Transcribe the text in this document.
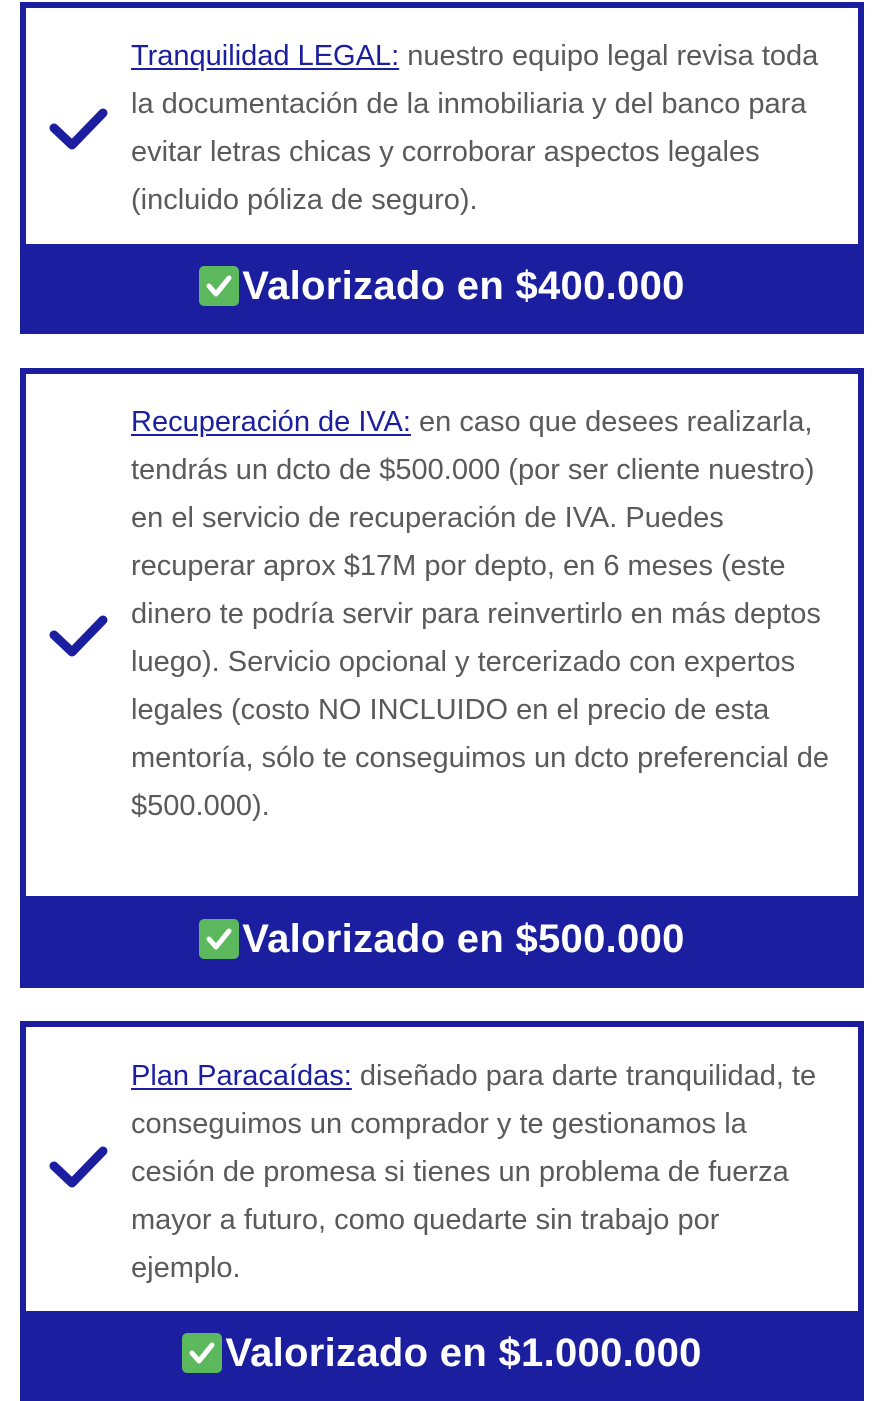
Tranquilidad LEGAL: nuestro equipo legal revisa toda la documentación de la inmobiliaria y del banco para evitar letras chicas y corroborar aspectos legales (incluido póliza de seguro).

Valorizado en $400.000

Recuperación de IVA: en caso que desees realizarla, tendrás un dcto de $500.000 (por ser cliente nuestro) en el servicio de recuperación de IVA. Puedes recuperar aprox $17M por depto, en 6 meses (este dinero te podría servir para reinvertirlo en más deptos luego). Servicio opcional y tercerizado con expertos legales (costo NO INCLUIDO en el precio de esta mentoría, sólo te conseguimos un dcto preferencial de $500.000).

Valorizado en $500.000

Plan Paracaídas: diseñado para darte tranquilidad, te conseguimos un comprador y te gestionamos la cesión de promesa si tienes un problema de fuerza mayor a futuro, como quedarte sin trabajo por ejemplo.

Valorizado en $1.000.000
